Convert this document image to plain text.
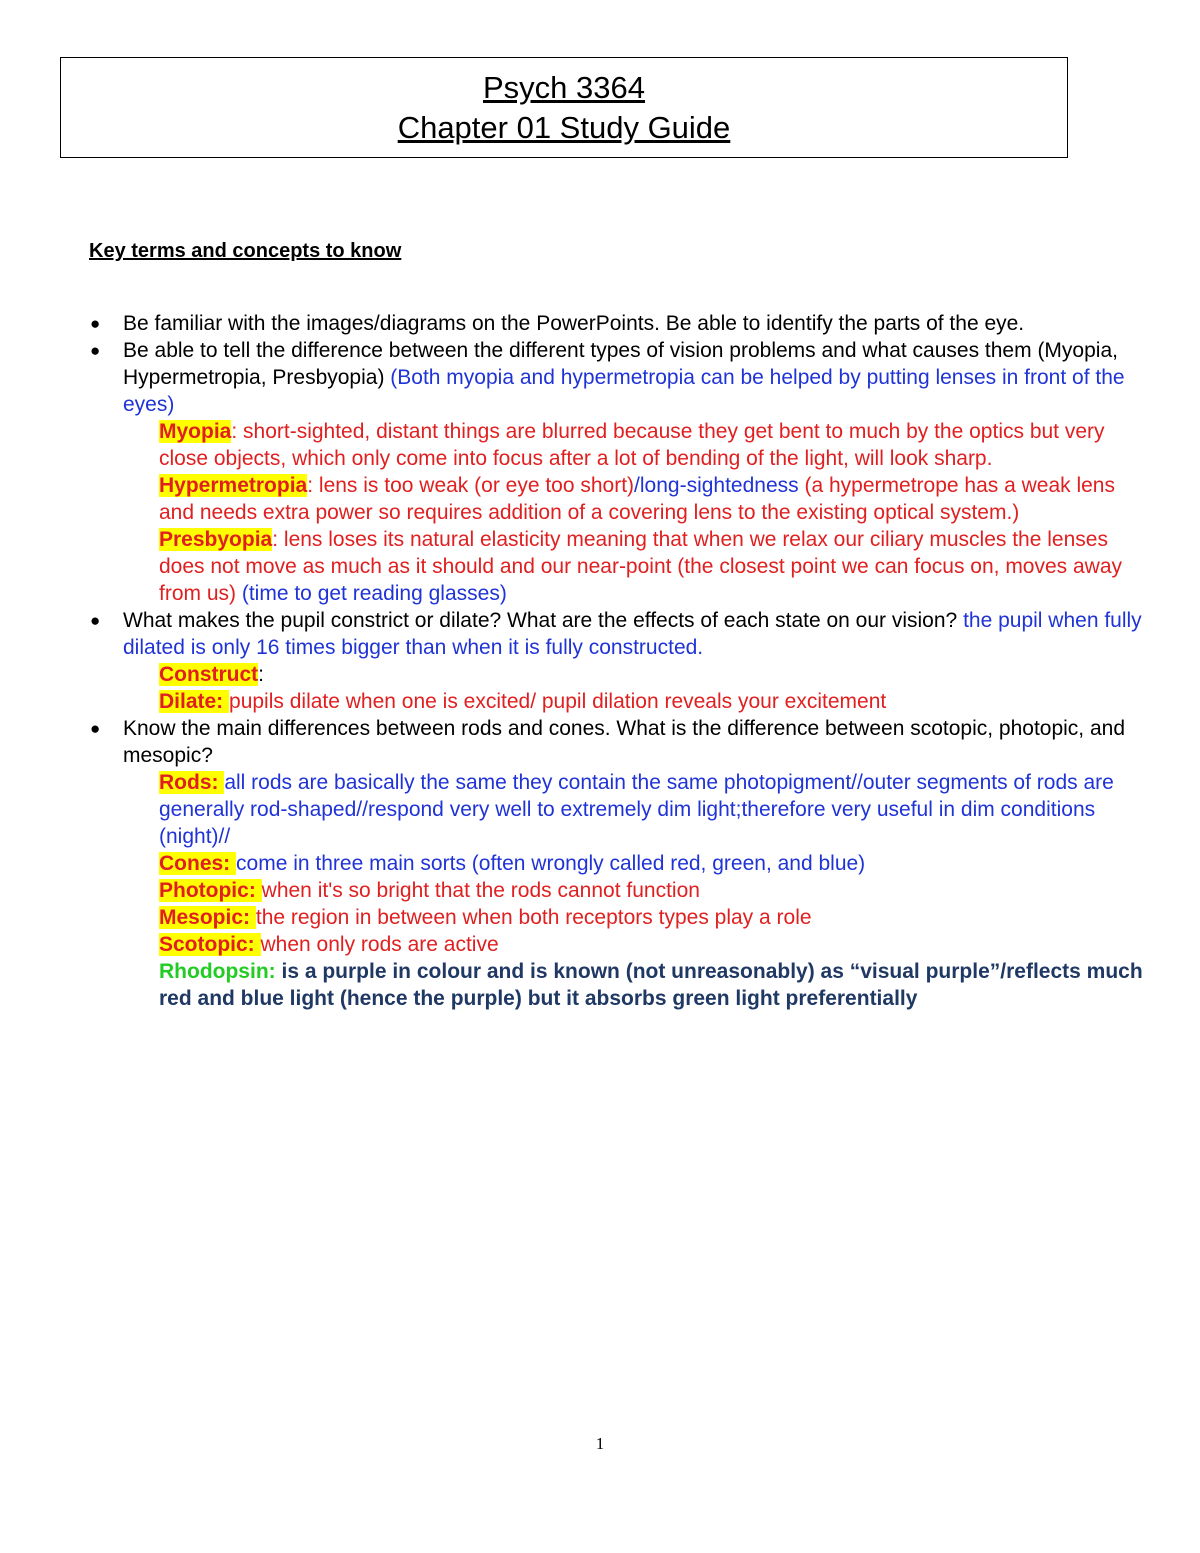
Psych 3364
Chapter 01 Study Guide
Key terms and concepts to know
● Be familiar with the images/diagrams on the PowerPoints. Be able to identify the parts of the eye.
● Be able to tell the difference between the different types of vision problems and what causes them (Myopia, Hypermetropia, Presbyopia) (Both myopia and hypermetropia can be helped by putting lenses in front of the eyes)
Myopia: short-sighted, distant things are blurred because they get bent to much by the optics but very close objects, which only come into focus after a lot of bending of the light, will look sharp.
Hypermetropia: lens is too weak (or eye too short)/long-sightedness (a hypermetrope has a weak lens and needs extra power so requires addition of a covering lens to the existing optical system.)
Presbyopia: lens loses its natural elasticity meaning that when we relax our ciliary muscles the lenses does not move as much as it should and our near-point (the closest point we can focus on, moves away from us) (time to get reading glasses)
● What makes the pupil constrict or dilate? What are the effects of each state on our vision? the pupil when fully dilated is only 16 times bigger than when it is fully constructed.
Construct:
Dilate: pupils dilate when one is excited/ pupil dilation reveals your excitement
● Know the main differences between rods and cones. What is the difference between scotopic, photopic, and mesopic?
Rods: all rods are basically the same they contain the same photopigment//outer segments of rods are generally rod-shaped//respond very well to extremely dim light;therefore very useful in dim conditions (night)//
Cones: come in three main sorts (often wrongly called red, green, and blue)
Photopic: when it's so bright that the rods cannot function
Mesopic: the region in between when both receptors types play a role
Scotopic: when only rods are active
Rhodopsin: is a purple in colour and is known (not unreasonably) as “visual purple”/reflects much red and blue light (hence the purple) but it absorbs green light preferentially
1
